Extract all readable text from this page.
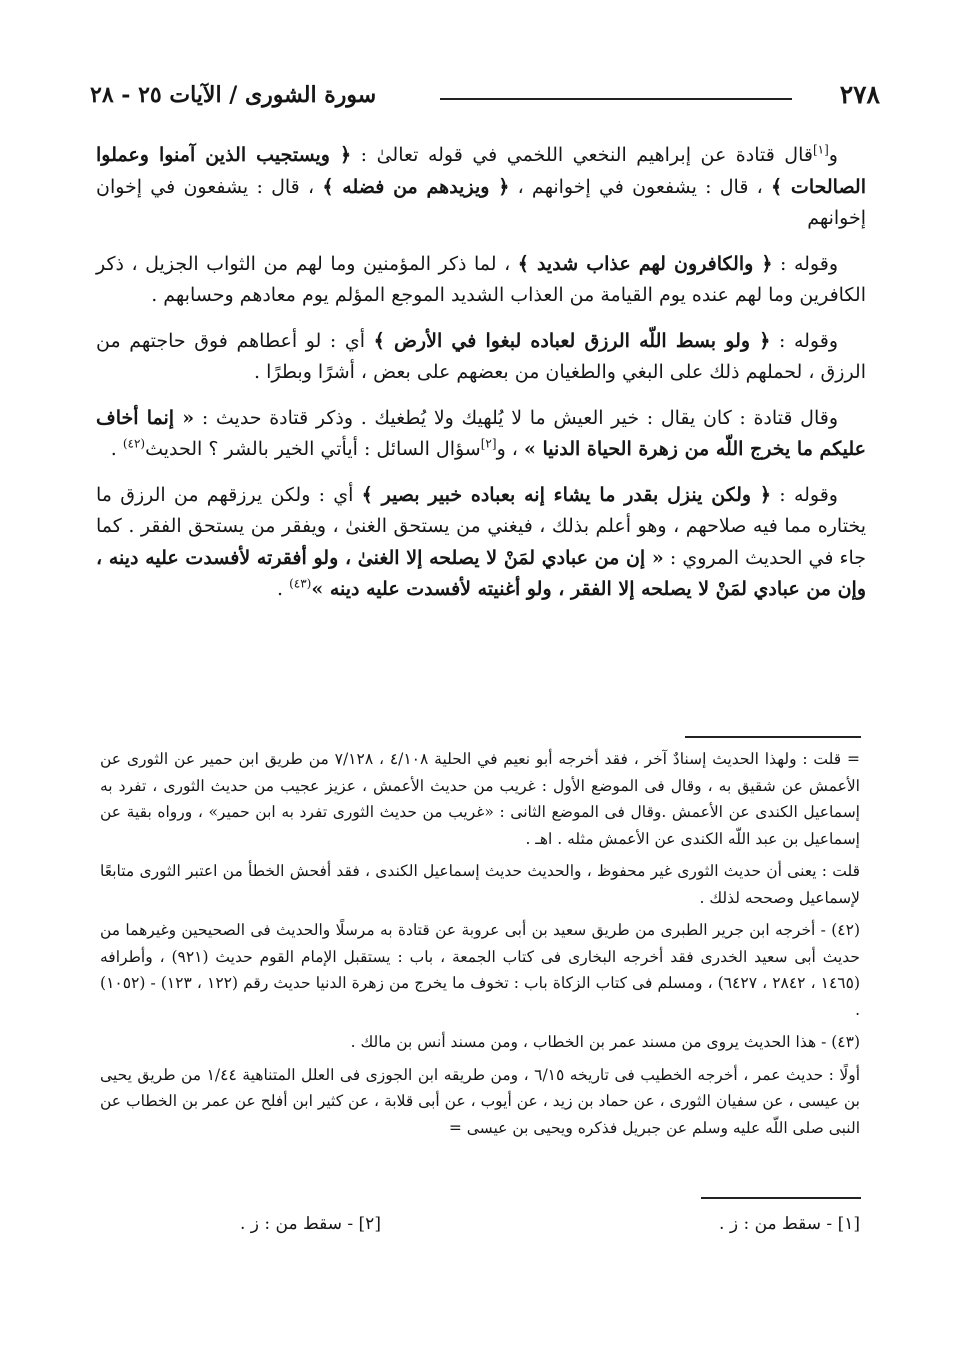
٢٧٨
سورة الشورى / الآيات ٢٥ - ٢٨

و[١]قال قتادة عن إبراهيم النخعي اللخمي في قوله تعالىٰ : ﴿ ويستجيب الذين آمنوا وعملوا الصالحات ﴾ ، قال : يشفعون في إخوانهم ، ﴿ ويزيدهم من فضله ﴾ ، قال : يشفعون في إخوان إخوانهم

وقوله : ﴿ والكافرون لهم عذاب شديد ﴾ ، لما ذكر المؤمنين وما لهم من الثواب الجزيل ، ذكر الكافرين وما لهم عنده يوم القيامة من العذاب الشديد الموجع المؤلم يوم معادهم وحسابهم .

وقوله : ﴿ ولو بسط اللّه الرزق لعباده لبغوا في الأرض ﴾ أي : لو أعطاهم فوق حاجتهم من الرزق ، لحملهم ذلك على البغي والطغيان من بعضهم على بعض ، أشرًا وبطرًا .

وقال قتادة : كان يقال : خير العيش ما لا يُلهيك ولا يُطغيك . وذكر قتادة حديث : « إنما أخاف عليكم ما يخرج اللّه من زهرة الحياة الدنيا » ، و[٢]سؤال السائل : أيأتي الخير بالشر ؟ الحديث$^{(٤٢)}$ .

وقوله : ﴿ ولكن ينزل بقدر ما يشاء إنه بعباده خبير بصير ﴾ أي : ولكن يرزقهم من الرزق ما يختاره مما فيه صلاحهم ، وهو أعلم بذلك ، فيغني من يستحق الغنىٰ ، ويفقر من يستحق الفقر . كما جاء في الحديث المروي : « إن من عبادي لمَنْ لا يصلحه إلا الغنىٰ ، ولو أفقرته لأفسدت عليه دينه ، وإن من عبادي لمَنْ لا يصلحه إلا الفقر ، ولو أغنيته لأفسدت عليه دينه »$^{(٤٣)}$ .

= قلت : ولهذا الحديث إسنادٌ آخر ، فقد أخرجه أبو نعيم في الحلية ٤/١٠٨ ، ٧/١٢٨ من طريق ابن حمير عن الثورى عن الأعمش عن شقيق به ، وقال فى الموضع الأول : غريب من حديث الأعمش ، عزيز عجيب من حديث الثورى ، تفرد به إسماعيل الكندى عن الأعمش .وقال فى الموضع الثانى : «غريب من حديث الثورى تفرد به ابن حمير» ، ورواه بقية عن إسماعيل بن عبد اللّه الكندى عن الأعمش مثله . اهـ .

قلت : يعنى أن حديث الثورى غير محفوظ ، والحديث حديث إسماعيل الكندى ، فقد أفحش الخطأ من اعتبر الثورى متابعًا لإسماعيل وصححه لذلك .

(٤٢) - أخرجه ابن جرير الطبرى من طريق سعيد بن أبى عروبة عن قتادة به مرسلًا والحديث فى الصحيحين وغيرهما من حديث أبى سعيد الخدرى فقد أخرجه البخارى فى كتاب الجمعة ، باب : يستقبل الإمام القوم حديث (٩٢١) ، وأطرافه (١٤٦٥ ، ٢٨٤٢ ، ٦٤٢٧) ، ومسلم فى كتاب الزكاة باب : تخوف ما يخرج من زهرة الدنيا حديث رقم (١٢٢ ، ١٢٣) - (١٠٥٢) .

(٤٣) - هذا الحديث يروى من مسند عمر بن الخطاب ، ومن مسند أنس بن مالك .

أولًا : حديث عمر ، أخرجه الخطيب فى تاريخه ٦/١٥ ، ومن طريقه ابن الجوزى فى العلل المتناهية ١/٤٤ من طريق يحيى بن عيسى ، عن سفيان الثورى ، عن حماد بن زيد ، عن أيوب ، عن أبى قلابة ، عن كثير ابن أفلح عن عمر بن الخطاب عن النبى صلى اللّه عليه وسلم عن جبريل فذكره ويحيى بن عيسى =

[١] - سقط من : ز .
[٢] - سقط من : ز .
